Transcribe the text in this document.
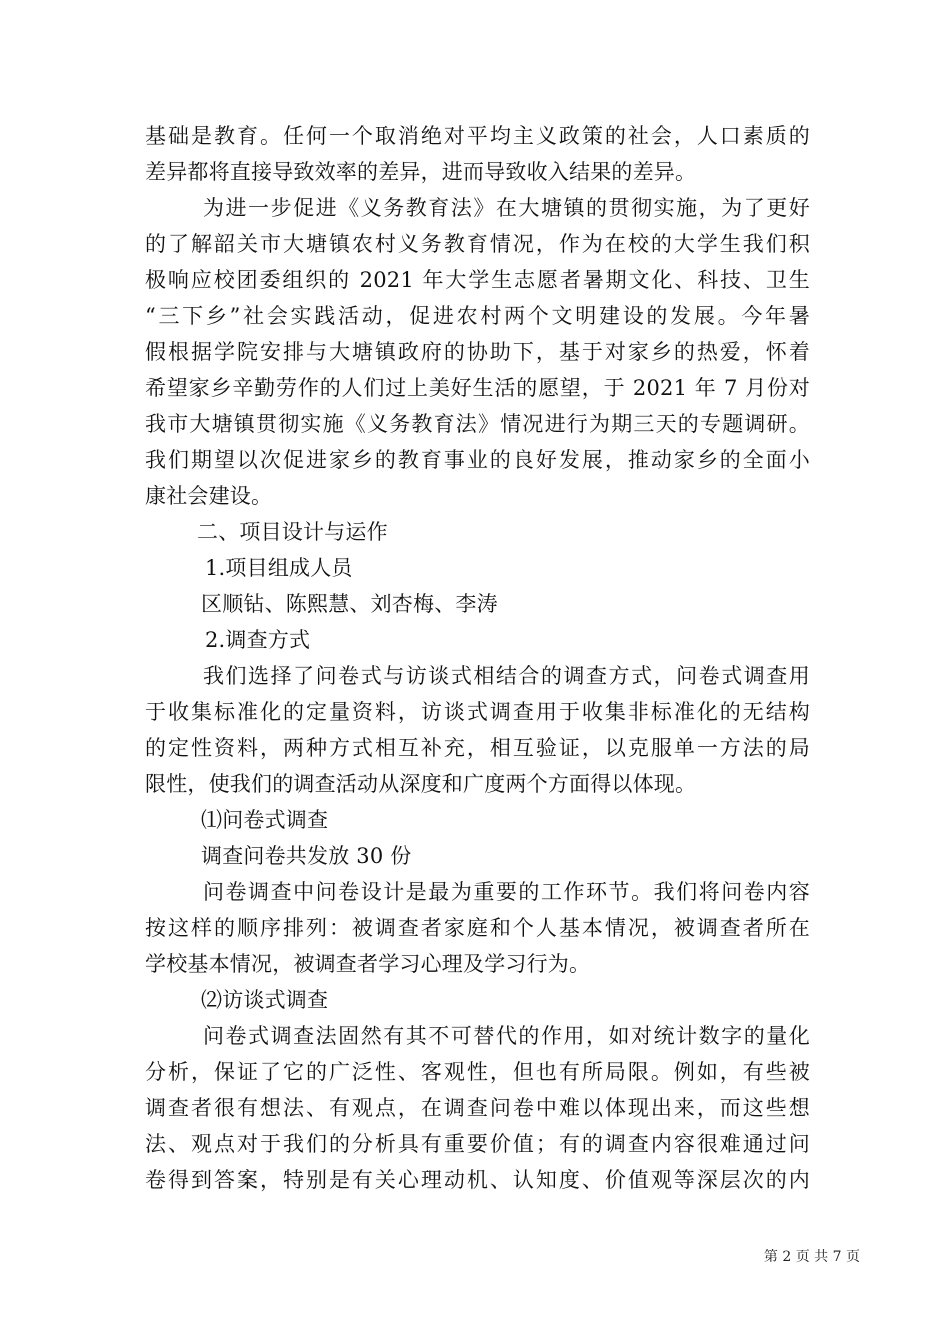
基础是教育。任何一个取消绝对平均主义政策的社会，人口素质的
差异都将直接导致效率的差异，进而导致收入结果的差异。
为进一步促进《义务教育法》在大塘镇的贯彻实施，为了更好
的了解韶关市大塘镇农村义务教育情况，作为在校的大学生我们积
极响应校团委组织的 2021 年大学生志愿者暑期文化、科技、卫生
“三下乡”社会实践活动，促进农村两个文明建设的发展。今年暑
假根据学院安排与大塘镇政府的协助下，基于对家乡的热爱，怀着
希望家乡辛勤劳作的人们过上美好生活的愿望，于 2021 年 7 月份对
我市大塘镇贯彻实施《义务教育法》情况进行为期三天的专题调研。
我们期望以次促进家乡的教育事业的良好发展，推动家乡的全面小
康社会建设。
二、项目设计与运作
1.项目组成人员
区顺钻、陈熙慧、刘杏梅、李涛
2.调查方式
我们选择了问卷式与访谈式相结合的调查方式，问卷式调查用
于收集标准化的定量资料，访谈式调查用于收集非标准化的无结构
的定性资料，两种方式相互补充，相互验证，以克服单一方法的局
限性，使我们的调查活动从深度和广度两个方面得以体现。
⑴问卷式调查
调查问卷共发放 30 份
问卷调查中问卷设计是最为重要的工作环节。我们将问卷内容
按这样的顺序排列：被调查者家庭和个人基本情况，被调查者所在
学校基本情况，被调查者学习心理及学习行为。
⑵访谈式调查
问卷式调查法固然有其不可替代的作用，如对统计数字的量化
分析，保证了它的广泛性、客观性，但也有所局限。例如，有些被
调查者很有想法、有观点，在调查问卷中难以体现出来，而这些想
法、观点对于我们的分析具有重要价值；有的调查内容很难通过问
卷得到答案，特别是有关心理动机、认知度、价值观等深层次的内
第 2 页 共 7 页
